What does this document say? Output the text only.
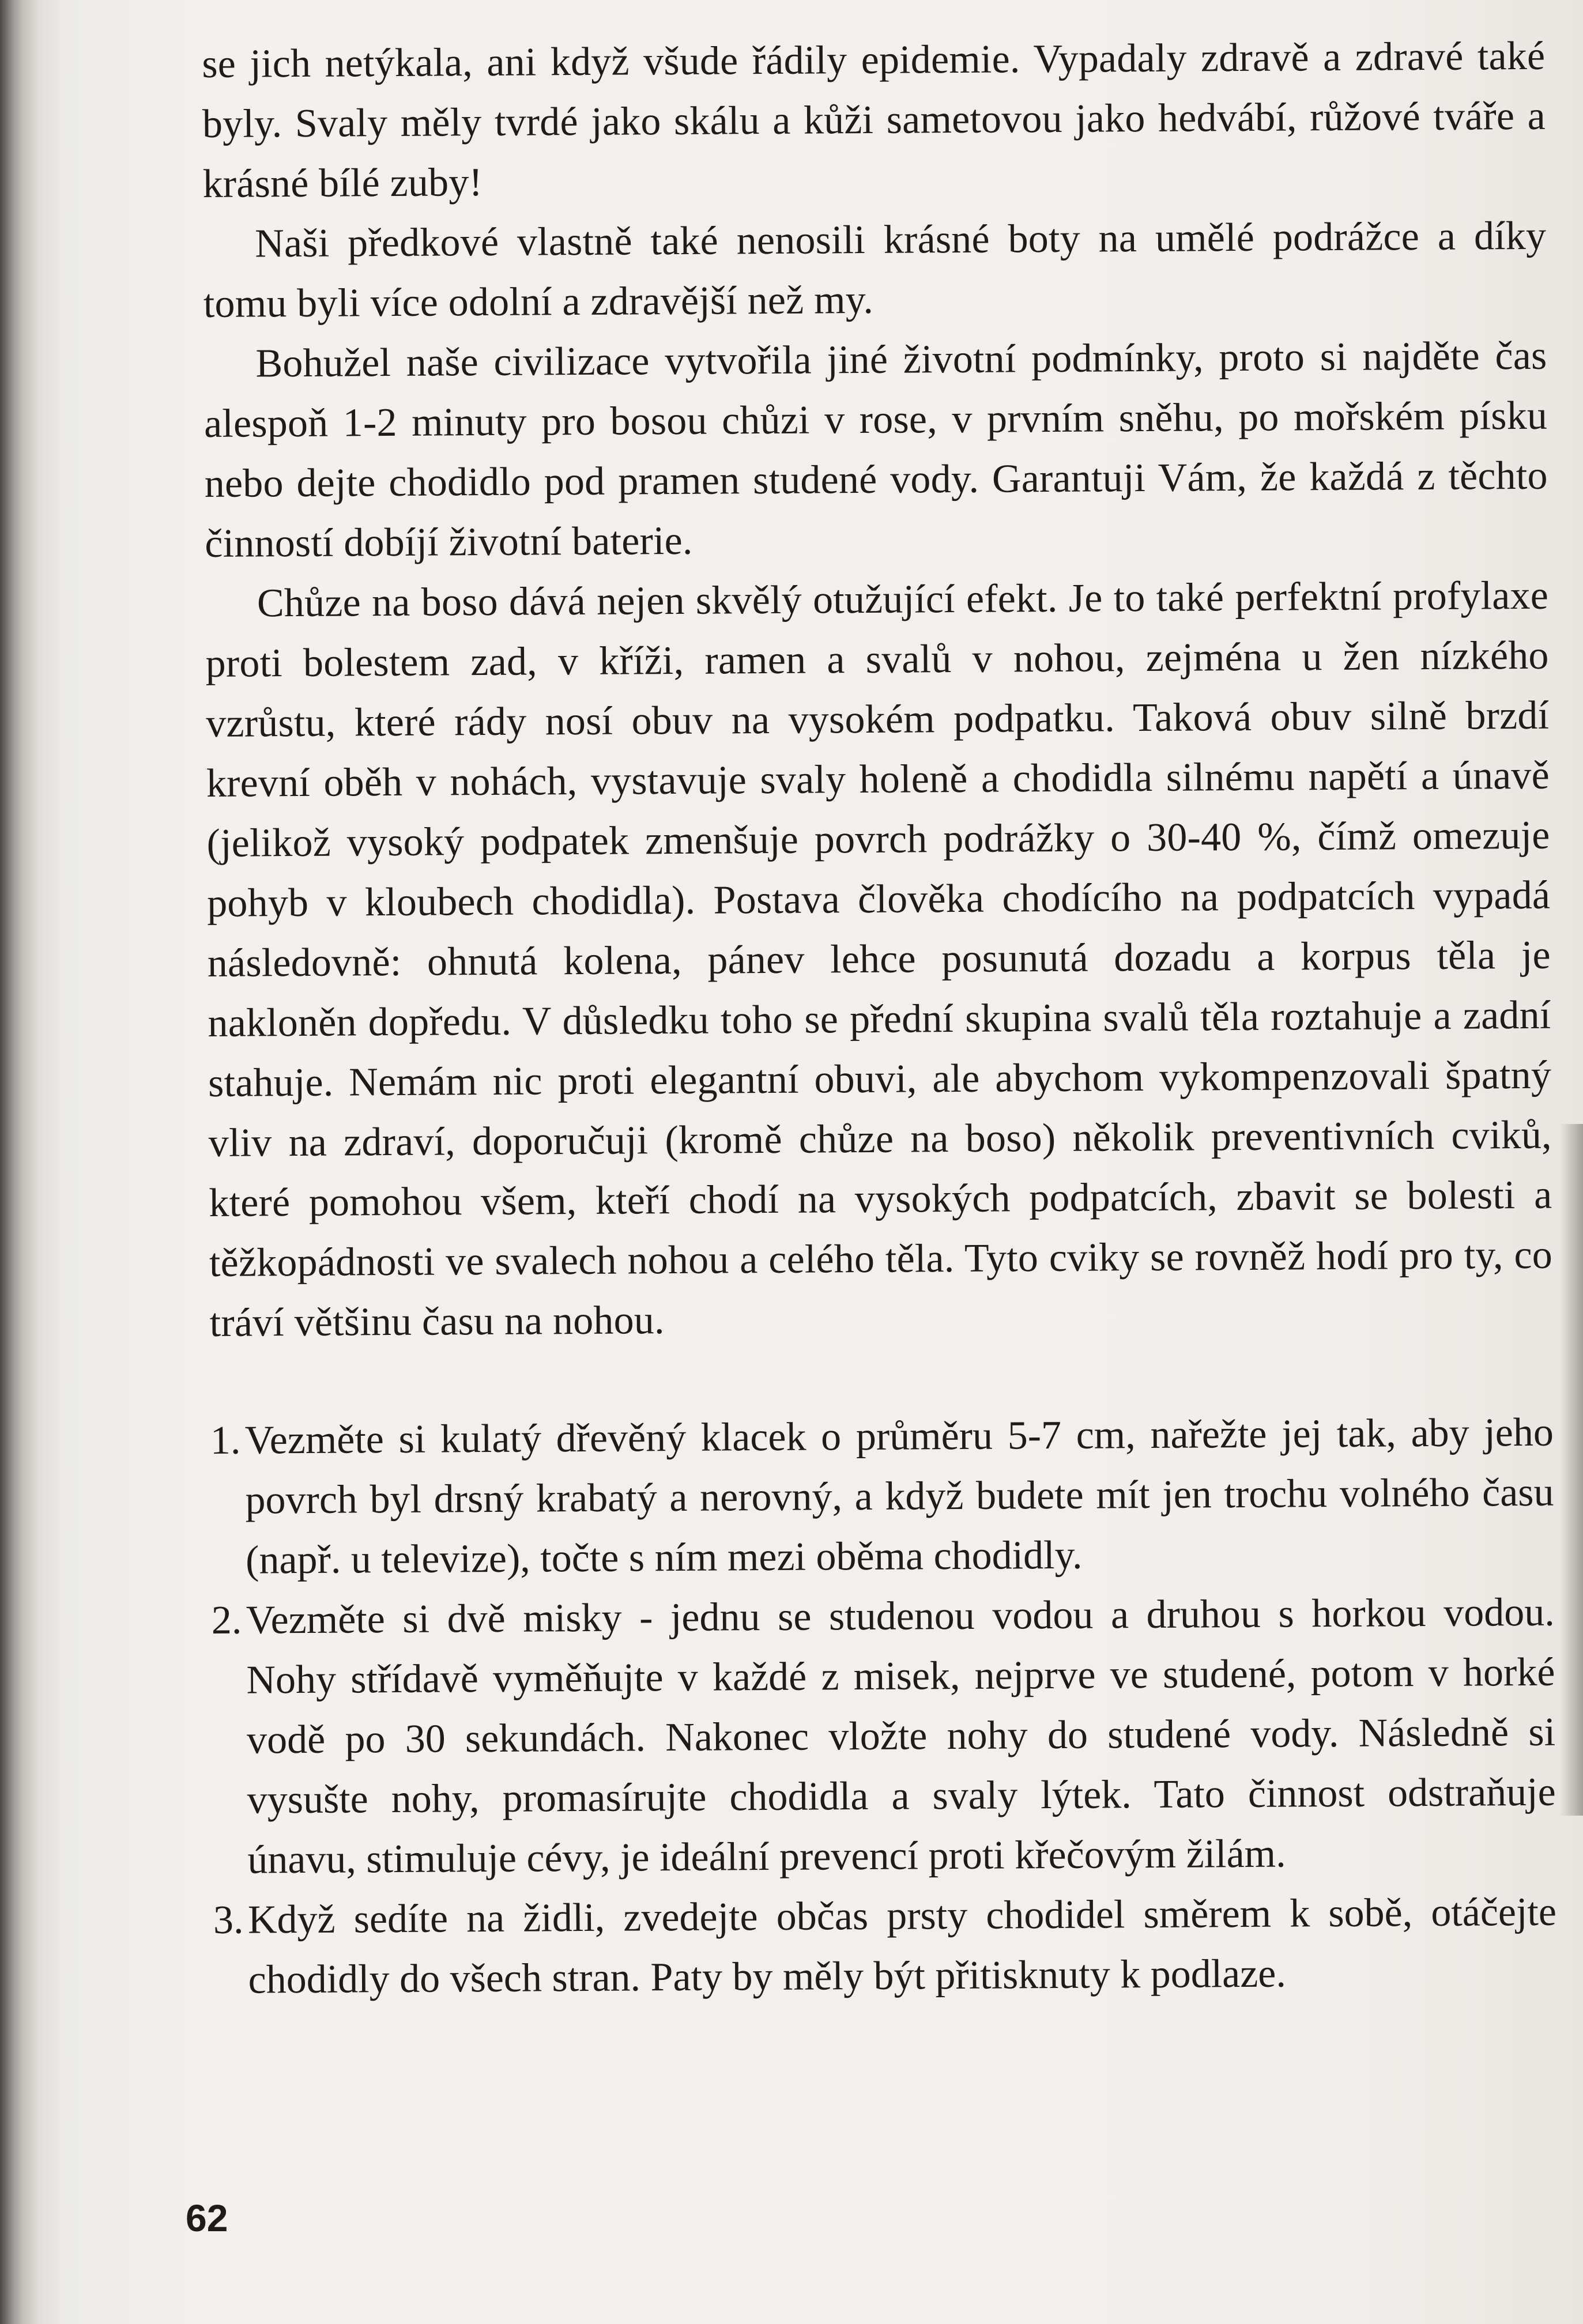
se jich netýkala, ani když všude řádily epidemie. Vypadaly zdravě a zdravé také byly. Svaly měly tvrdé jako skálu a kůži sametovou jako hedvábí, růžové tváře a krásné bílé zuby!

Naši předkové vlastně také nenosili krásné boty na umělé podrážce a díky tomu byli více odolní a zdravější než my.

Bohužel naše civilizace vytvořila jiné životní podmínky, proto si najděte čas alespoň 1-2 minuty pro bosou chůzi v rose, v prvním sněhu, po mořském písku nebo dejte chodidlo pod pramen studené vody. Garantuji Vám, že každá z těchto činností dobíjí životní baterie.

Chůze na boso dává nejen skvělý otužující efekt. Je to také perfektní profylaxe proti bolestem zad, v kříži, ramen a svalů v nohou, zejména u žen nízkého vzrůstu, které rády nosí obuv na vysokém podpatku. Taková obuv silně brzdí krevní oběh v nohách, vystavuje svaly holeně a chodidla silnému napětí a únavě (jelikož vysoký podpatek zmenšuje povrch podrážky o 30-40 %, čímž omezuje pohyb v kloubech chodidla). Postava člověka chodícího na podpatcích vypadá následovně: ohnutá kolena, pánev lehce posunutá dozadu a korpus těla je nakloněn dopředu. V důsledku toho se přední skupina svalů těla roztahuje a zadní stahuje. Nemám nic proti elegantní obuvi, ale abychom vykompenzovali špatný vliv na zdraví, doporučuji (kromě chůze na boso) několik preventivních cviků, které pomohou všem, kteří chodí na vysokých podpatcích, zbavit se bolesti a těžkopádnosti ve svalech nohou a celého těla. Tyto cviky se rovněž hodí pro ty, co tráví většinu času na nohou.

1. Vezměte si kulatý dřevěný klacek o průměru 5-7 cm, nařežte jej tak, aby jeho povrch byl drsný krabatý a nerovný, a když budete mít jen trochu volného času (např. u televize), točte s ním mezi oběma chodidly.
2. Vezměte si dvě misky - jednu se studenou vodou a druhou s horkou vodou. Nohy střídavě vyměňujte v každé z misek, nejprve ve studené, potom v horké vodě po 30 sekundách. Nakonec vložte nohy do studené vody. Následně si vysušte nohy, promasírujte chodidla a svaly lýtek. Tato činnost odstraňuje únavu, stimuluje cévy, je ideální prevencí proti křečovým žilám.
3. Když sedíte na židli, zvedejte občas prsty chodidel směrem k sobě, otáčejte chodidly do všech stran. Paty by měly být přitisknuty k podlaze.
62
